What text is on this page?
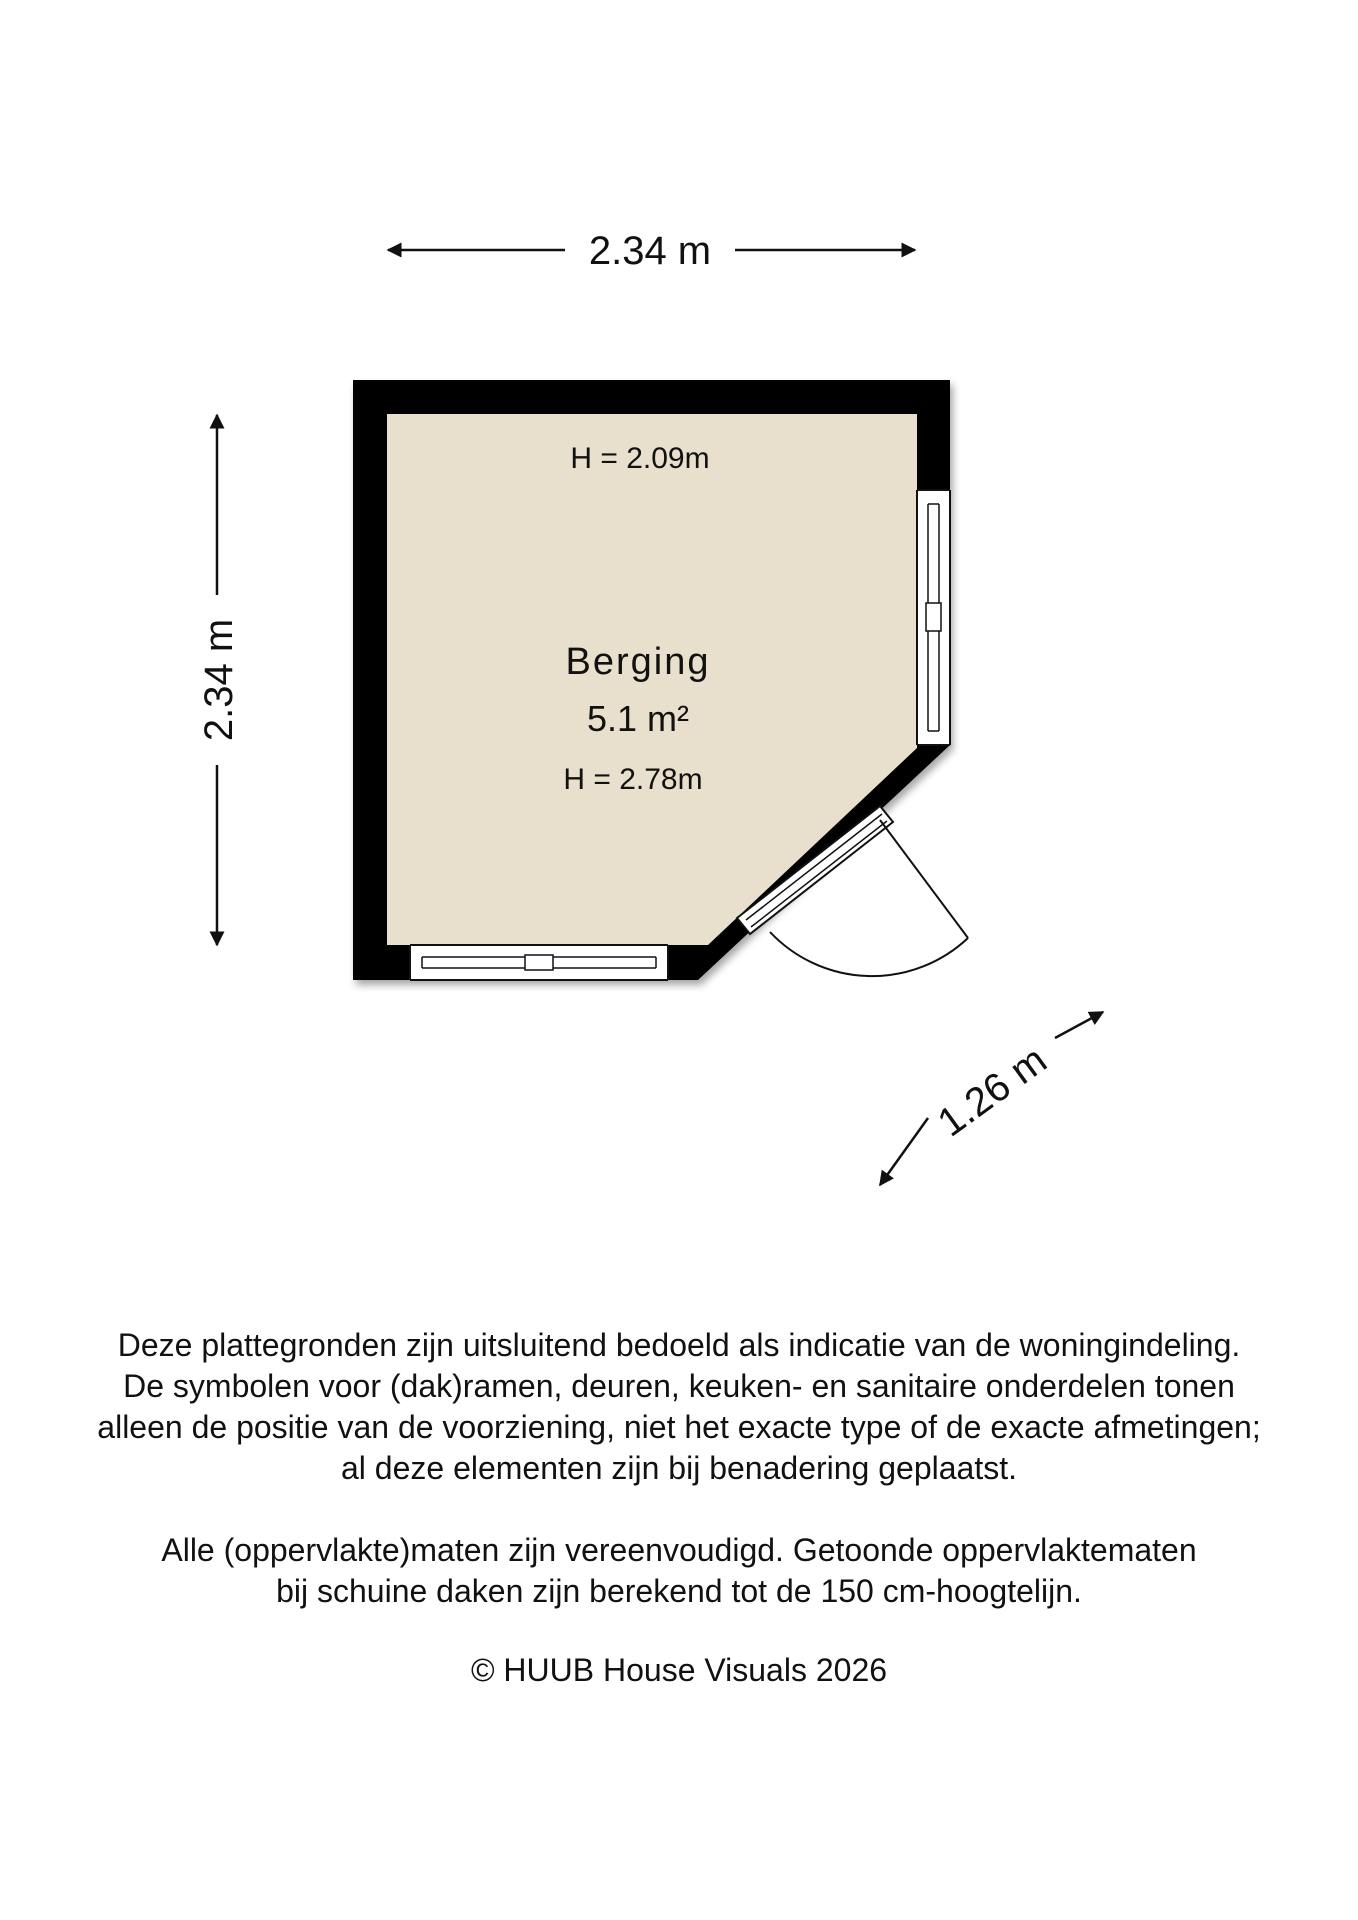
2.34 m
2.34 m
1.26 m
H = 2.09m
Berging
5.1 m²
H = 2.78m

Deze plattegronden zijn uitsluitend bedoeld als indicatie van de woningindeling.
De symbolen voor (dak)ramen, deuren, keuken- en sanitaire onderdelen tonen
alleen de positie van de voorziening, niet het exacte type of de exacte afmetingen;
al deze elementen zijn bij benadering geplaatst.

Alle (oppervlakte)maten zijn vereenvoudigd. Getoonde oppervlaktematen
bij schuine daken zijn berekend tot de 150 cm-hoogtelijn.

© HUUB House Visuals 2026
